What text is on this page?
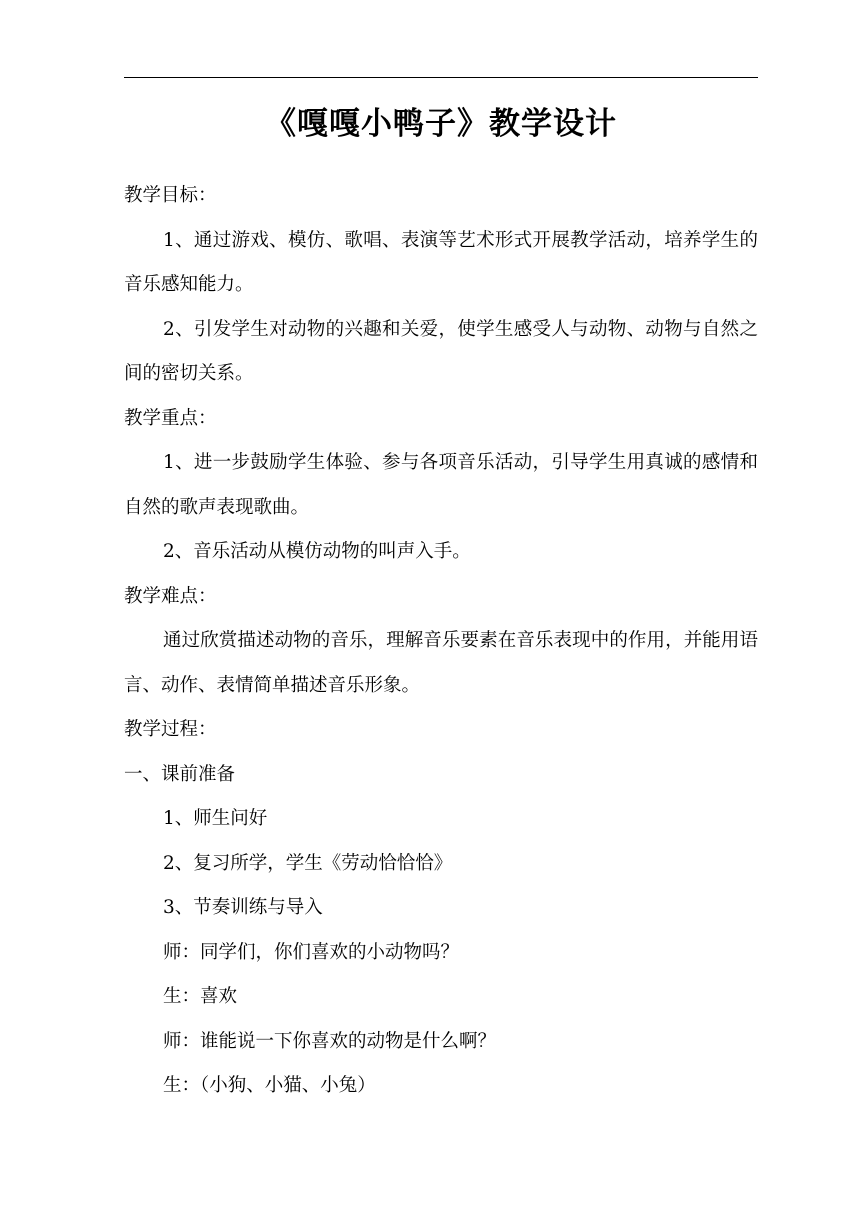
《嘎嘎小鸭子》教学设计

教学目标：

1、通过游戏、模仿、歌唱、表演等艺术形式开展教学活动，培养学生的音乐感知能力。

2、引发学生对动物的兴趣和关爱，使学生感受人与动物、动物与自然之间的密切关系。

教学重点：

1、进一步鼓励学生体验、参与各项音乐活动，引导学生用真诚的感情和自然的歌声表现歌曲。

2、音乐活动从模仿动物的叫声入手。

教学难点：

通过欣赏描述动物的音乐，理解音乐要素在音乐表现中的作用，并能用语言、动作、表情简单描述音乐形象。

教学过程：

一、课前准备

1、师生问好

2、复习所学，学生《劳动恰恰恰》

3、节奏训练与导入

师：同学们，你们喜欢的小动物吗？

生：喜欢

师：谁能说一下你喜欢的动物是什么啊？

生：（小狗、小猫、小兔）
